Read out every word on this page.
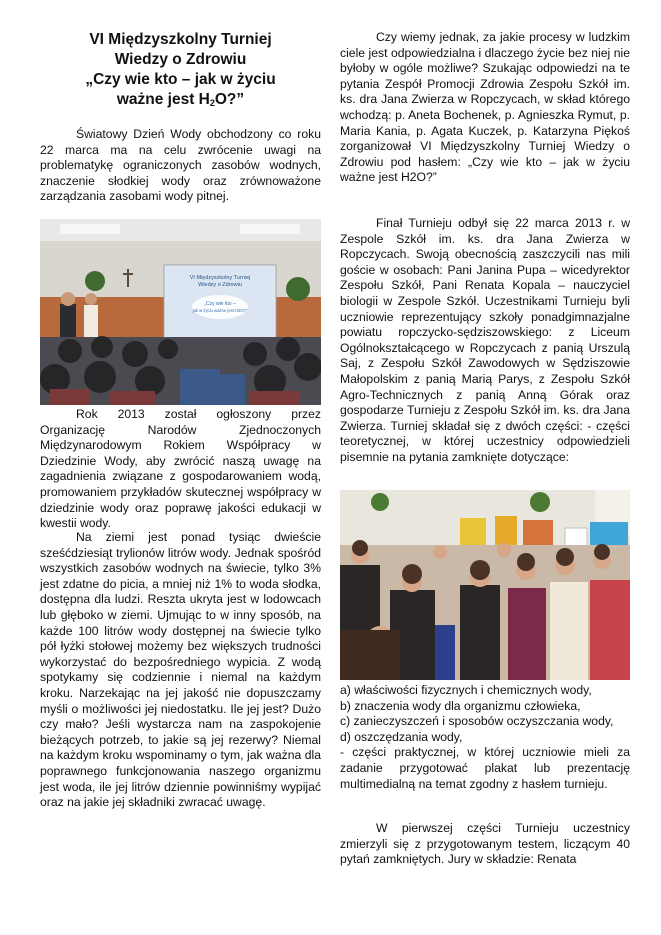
VI Międzyszkolny Turniej
Wiedzy o Zdrowiu
„Czy wie kto – jak w życiu
ważne jest $H_2O$?”

Światowy Dzień Wody obchodzony co roku 22 marca ma na celu zwrócenie uwagi na problematykę ograniczonych zasobów wodnych, znaczenie słodkiej wody oraz zrównoważone zarządzania zasobami wody pitnej.

VI Międzyszkolny Turniej
Wiedzy o Zdrowiu
„Czy wie kto –
jak w życiu ważne jest H2O?”

Rok 2013 został ogłoszony przez Organizację Narodów Zjednoczonych Międzynarodowym Rokiem Współpracy w Dziedzinie Wody, aby zwrócić naszą uwagę na zagadnienia związane z gospodarowaniem wodą, promowaniem przykładów skutecznej współpracy w dziedzinie wody oraz poprawę jakości edukacji w kwestii wody.

Na ziemi jest ponad tysiąc dwieście sześćdziesiąt trylionów litrów wody. Jednak spośród wszystkich zasobów wodnych na świecie, tylko 3% jest zdatne do picia, a mniej niż 1% to woda słodka, dostępna dla ludzi. Reszta ukryta jest w lodowcach lub głęboko w ziemi. Ujmując to w inny sposób, na każde 100 litrów wody dostępnej na świecie tylko pół łyżki stołowej możemy bez większych trudności wykorzystać do bezpośredniego wypicia. Z wodą spotykamy się codziennie i niemal na każdym kroku. Narzekając na jej jakość nie dopuszczamy myśli o możliwości jej niedostatku. Ile jej jest? Dużo czy mało? Jeśli wystarcza nam na zaspokojenie bieżących potrzeb, to jakie są jej rezerwy? Niemal na każdym kroku wspominamy o tym, jak ważna dla poprawnego funkcjonowania naszego organizmu jest woda, ile jej litrów dziennie powinniśmy wypijać oraz na jakie jej składniki zwracać uwagę.

Czy wiemy jednak, za jakie procesy w ludzkim ciele jest odpowiedzialna i dlaczego życie bez niej nie byłoby w ogóle możliwe? Szukając odpowiedzi na te pytania Zespół Promocji Zdrowia Zespołu Szkół im. ks. dra Jana Zwierza w Ropczycach, w skład którego wchodzą: p. Aneta Bochenek, p. Agnieszka Rymut, p. Maria Kania, p. Agata Kuczek, p. Katarzyna Piękoś zorganizował VI Międzyszkolny Turniej Wiedzy o Zdrowiu pod hasłem: „Czy wie kto – jak w życiu ważne jest H2O?”

Finał Turnieju odbył się 22 marca 2013 r. w Zespole Szkół im. ks. dra Jana Zwierza w Ropczycach. Swoją obecnością zaszczycili nas mili goście w osobach: Pani Janina Pupa – wicedyrektor Zespołu Szkół, Pani Renata Kopala – nauczyciel biologii w Zespole Szkół. Uczestnikami Turnieju byli uczniowie reprezentujący szkoły ponadgimnazjalne powiatu ropczycko-sędziszowskiego: z Liceum Ogólnokształcącego w Ropczycach z panią Urszulą Saj, z Zespołu Szkół Zawodowych w Sędziszowie Małopolskim z panią Marią Parys, z Zespołu Szkół Agro-Technicznych z panią Anną Górak oraz gospodarze Turnieju z Zespołu Szkół im. ks. dra Jana Zwierza. Turniej składał się z dwóch części: - części teoretycznej, w której uczestnicy odpowiedzieli pisemnie na pytania zamknięte dotyczące:

a) właściwości fizycznych i chemicznych wody,

b) znaczenia wody dla organizmu człowieka,

c) zanieczyszczeń i sposobów oczyszczania wody,

d) oszczędzania wody,

- części praktycznej, w której uczniowie mieli za zadanie przygotować plakat lub prezentację multimedialną na temat zgodny z hasłem turnieju.

W pierwszej części Turnieju uczestnicy zmierzyli się z przygotowanym testem, liczącym 40 pytań zamkniętych. Jury w składzie: Renata
